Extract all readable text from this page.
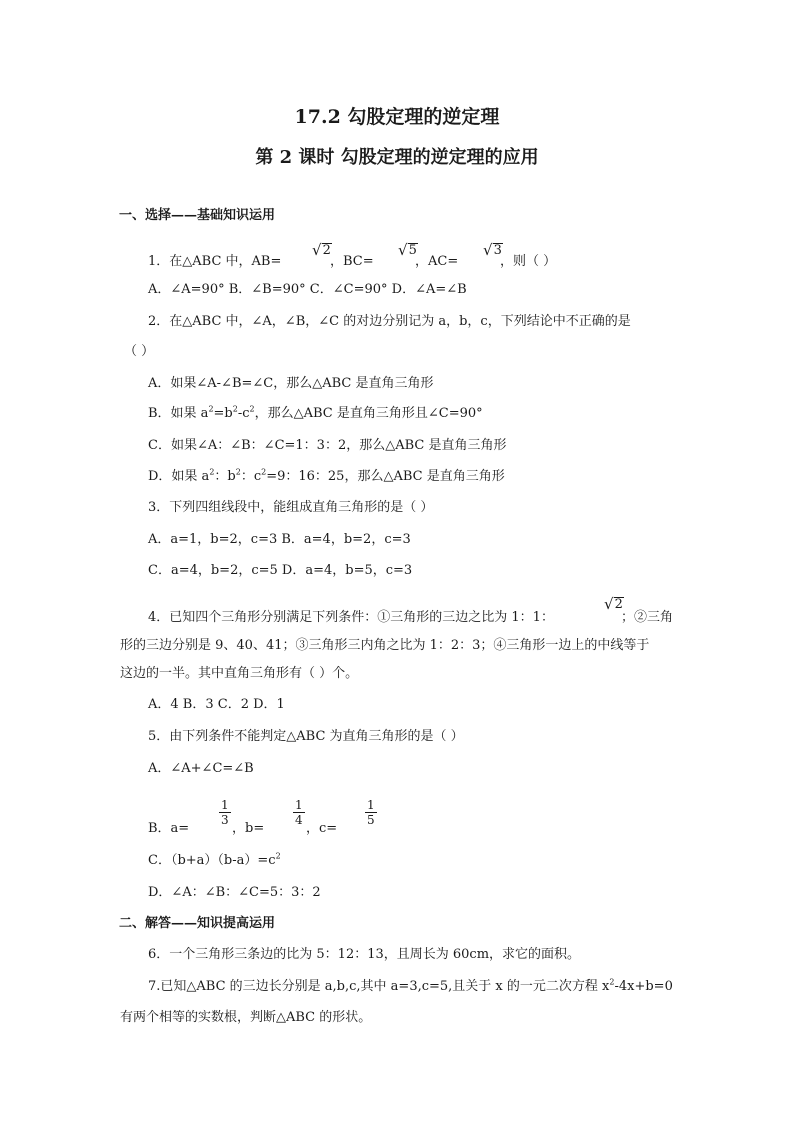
17.2 勾股定理的逆定理
第 2 课时 勾股定理的逆定理的应用
一、选择——基础知识运用
1．在△ABC 中，AB=
√ 2
，BC=
√ 5
，AC=
√ 3
，则（ ）
A．∠A=90° B．∠B=90° C．∠C=90° D．∠A=∠B
2．在△ABC 中，∠A，∠B，∠C 的对边分别记为 a，b，c，下列结论中不正确的是
（ ）
A．如果∠A-∠B=∠C，那么△ABC 是直角三角形
B．如果 $a^2=b^2-c^2$，那么△ABC 是直角三角形且∠C=90°
C．如果∠A：∠B：∠C=1：3：2，那么△ABC 是直角三角形
D．如果 $a^2$：$b^2$：$c^2=9$：16：25，那么△ABC 是直角三角形
3．下列四组线段中，能组成直角三角形的是（ ）
A．a=1，b=2，c=3 B．a=4，b=2，c=3
C．a=4，b=2，c=5 D．a=4，b=5，c=3
4．已知四个三角形分别满足下列条件：①三角形的三边之比为 1：1：
√ 2
；②三角
形的三边分别是 9、40、41；③三角形三内角之比为 1：2：3；④三角形一边上的中线等于
这边的一半。其中直角三角形有（ ）个。
A．4 B．3 C．2 D．1
5．由下列条件不能判定△ABC 为直角三角形的是（ ）
A．∠A+∠C=∠B
B．a=
$\frac{1}{3}$
，b=
$\frac{1}{4}$
，c=
$\frac{1}{5}$
C．$(b+a)(b-a)=c^2$
D．∠A：∠B：∠C=5：3：2
二、解答——知识提高运用
6．一个三角形三条边的比为 5：12：13，且周长为 60cm，求它的面积。
7.已知△ABC 的三边长分别是 a,b,c,其中 a=3,c=5,且关于 x 的一元二次方程 $x^2-4x+b=0$
有两个相等的实数根，判断△ABC 的形状。
